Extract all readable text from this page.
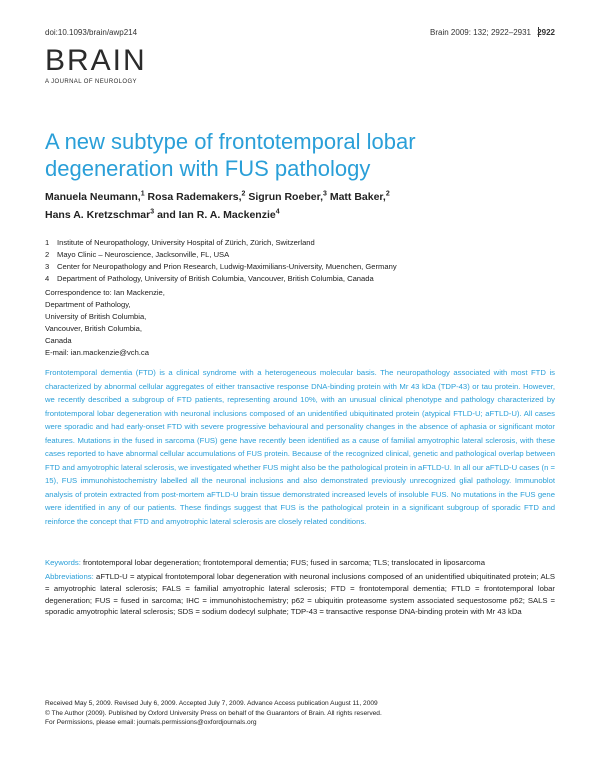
doi:10.1093/brain/awp214	Brain 2009: 132; 2922–2931 2922
BRAIN
A JOURNAL OF NEUROLOGY
A new subtype of frontotemporal lobar
degeneration with FUS pathology
Manuela Neumann,$^1$ Rosa Rademakers,$^2$ Sigrun Roeber,$^3$ Matt Baker,$^2$
Hans A. Kretzschmar$^3$ and Ian R. A. Mackenzie$^4$
1	Institute of Neuropathology, University Hospital of Zürich, Zürich, Switzerland
2	Mayo Clinic – Neuroscience, Jacksonville, FL, USA
3	Center for Neuropathology and Prion Research, Ludwig-Maximilians-University, Muenchen, Germany
4	Department of Pathology, University of British Columbia, Vancouver, British Columbia, Canada
Correspondence to: Ian Mackenzie,
Department of Pathology,
University of British Columbia,
Vancouver, British Columbia,
Canada
E-mail: ian.mackenzie@vch.ca
Frontotemporal dementia (FTD) is a clinical syndrome with a heterogeneous molecular basis. The neuropathology associated with most FTD is characterized by abnormal cellular aggregates of either transactive response DNA-binding protein with Mr 43 kDa (TDP-43) or tau protein. However, we recently described a subgroup of FTD patients, representing around 10%, with an unusual clinical phenotype and pathology characterized by frontotemporal lobar degeneration with neuronal inclusions composed of an unidentified ubiquitinated protein (atypical FTLD-U; aFTLD-U). All cases were sporadic and had early-onset FTD with severe progressive behavioural and personality changes in the absence of aphasia or significant motor features. Mutations in the fused in sarcoma (FUS) gene have recently been identified as a cause of familial amyotrophic lateral sclerosis, with these cases reported to have abnormal cellular accumulations of FUS protein. Because of the recognized clinical, genetic and pathological overlap between FTD and amyotrophic lateral sclerosis, we investigated whether FUS might also be the pathological protein in aFTLD-U. In all our aFTLD-U cases (n = 15), FUS immunohistochemistry labelled all the neuronal inclusions and also demonstrated previously unrecognized glial pathology. Immunoblot analysis of protein extracted from post-mortem aFTLD-U brain tissue demonstrated increased levels of insoluble FUS. No mutations in the FUS gene were identified in any of our patients. These findings suggest that FUS is the pathological protein in a significant subgroup of sporadic FTD and reinforce the concept that FTD and amyotrophic lateral sclerosis are closely related conditions.
Keywords: frontotemporal lobar degeneration; frontotemporal dementia; FUS; fused in sarcoma; TLS; translocated in liposarcoma
Abbreviations: aFTLD-U = atypical frontotemporal lobar degeneration with neuronal inclusions composed of an unidentified ubiquitinated protein; ALS = amyotrophic lateral sclerosis; FALS = familial amyotrophic lateral sclerosis; FTD = frontotemporal dementia; FTLD = frontotemporal lobar degeneration; FUS = fused in sarcoma; IHC = immunohistochemistry; p62 = ubiquitin proteasome system associated sequestosome p62; SALS = sporadic amyotrophic lateral sclerosis; SDS = sodium dodecyl sulphate; TDP-43 = transactive response DNA-binding protein with Mr 43 kDa
Received May 5, 2009. Revised July 6, 2009. Accepted July 7, 2009. Advance Access publication August 11, 2009
© The Author (2009). Published by Oxford University Press on behalf of the Guarantors of Brain. All rights reserved.
For Permissions, please email: journals.permissions@oxfordjournals.org
